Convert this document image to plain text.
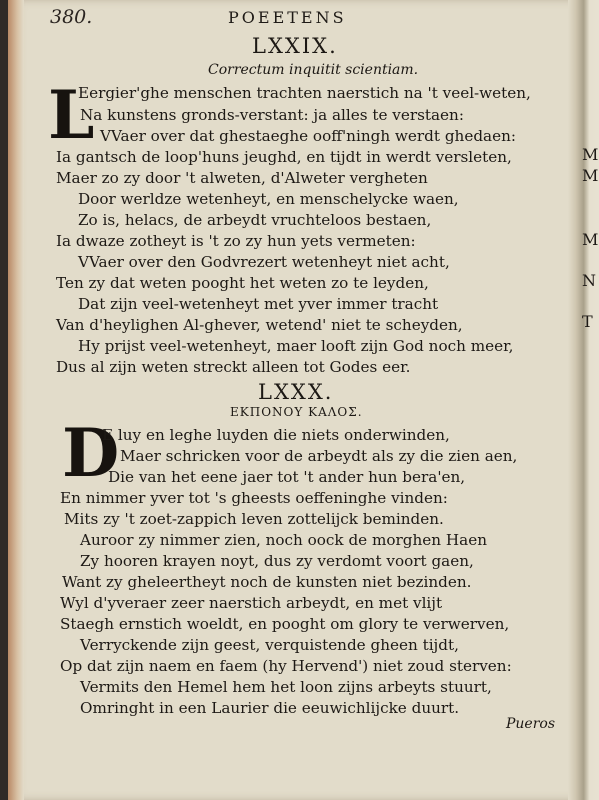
380.	POEETENS
LXXIX.
Correctum inquitit scientiam.
L
Eergier'ghe menschen trachten naerstich na 't veel-weten,
Na kunstens gronds-verstant: ja alles te verstaen:
VVaer over dat ghestaeghe ooff'ningh werdt ghedaen:
Ia gantsch de loop'huns jeughd, en tijdt in werdt versleten,
Maer zo zy door 't alweten, d'Alweter vergheten
Door werldze wetenheyt, en menschelycke waen,
Zo is, helacs, de arbeydt vruchteloos bestaen,
Ia dwaze zotheyt is 't zo zy hun yets vermeten:
VVaer over den Godvrezert wetenheyt niet acht,
Ten zy dat weten pooght het weten zo te leyden,
Dat zijn veel-wetenheyt met yver immer tracht
Van d'heylighen Al-ghever, wetend' niet te scheyden,
Hy prijst veel-wetenheyt, maer looft zijn God noch meer,
Dus al zijn weten streckt alleen tot Godes eer.
LXXX.
ΕΚΠΟΝΟΥ ΚΑΛΟΣ.
D
E luy en leghe luyden die niets onderwinden,
Maer schricken voor de arbeydt als zy die zien aen,
Die van het eene jaer tot 't ander hun bera'en,
En nimmer yver tot 's gheests oeffeninghe vinden:
Mits zy 't zoet-zappich leven zottelijck beminden.
Auroor zy nimmer zien, noch oock de morghen Haen
Zy hooren krayen noyt, dus zy verdomt voort gaen,
Want zy gheleertheyt noch de kunsten niet bezinden.
Wyl d'yveraer zeer naerstich arbeydt, en met vlijt
Staegh ernstich woeldt, en pooght om glory te verwerven,
Verryckende zijn geest, verquistende gheen tijdt,
Op dat zijn naem en faem (hy Hervend') niet zoud sterven:
Vermits den Hemel hem het loon zijns arbeyts stuurt,
Omringht in een Laurier die eeuwichlijcke duurt.
Pueros
M
M
M
N
T
